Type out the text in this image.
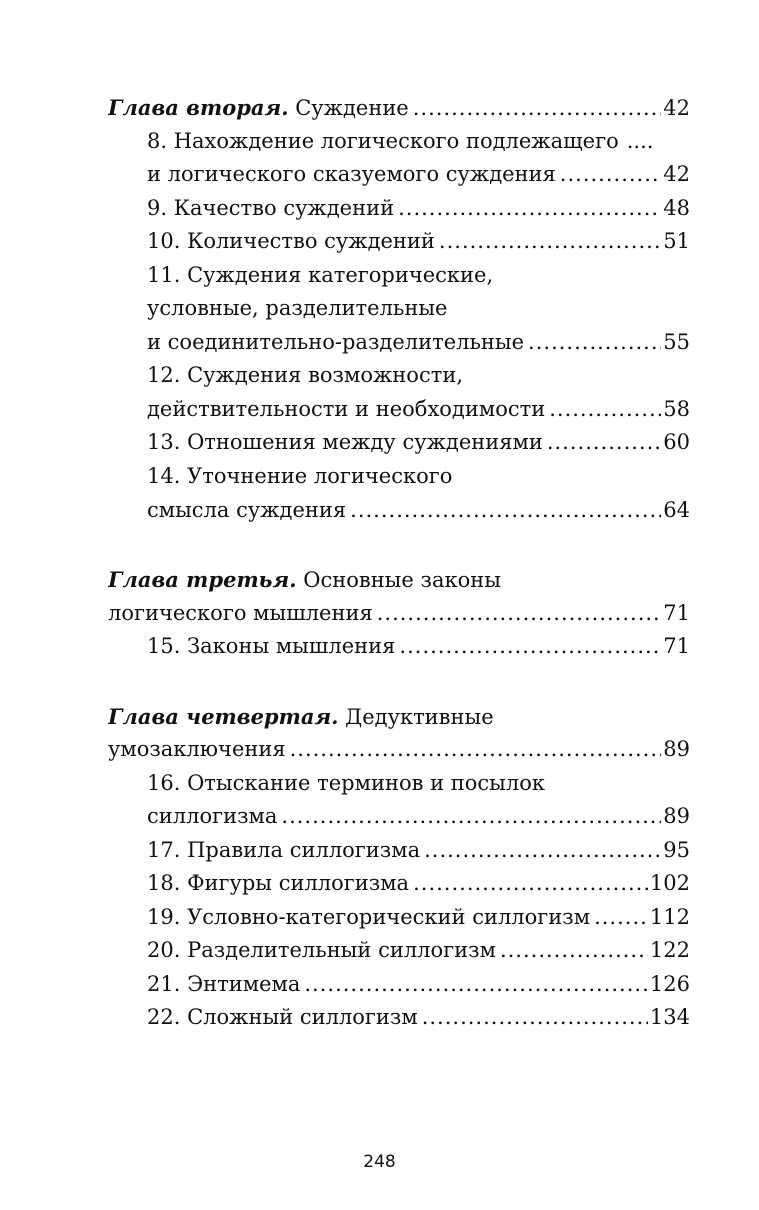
Глава вторая. Суждение .....	42
8. Нахождение логического подлежащего ....
и логического сказуемого суждения .....	42
9. Качество суждений .....	48
10. Количество суждений .....	51
11. Суждения категорические,
условные, разделительные
и соединительно-разделительные .....	55
12. Суждения возможности,
действительности и необходимости .....	58
13. Отношения между суждениями .....	60
14. Уточнение логического
смысла суждения .....	64
Глава третья. Основные законы
логического мышления .....	71
15. Законы мышления .....	71
Глава четвертая. Дедуктивные
умозаключения .....	89
16. Отыскание терминов и посылок
силлогизма .....	89
17. Правила силлогизма .....	95
18. Фигуры силлогизма .....	102
19. Условно-категорический силлогизм .....	112
20. Разделительный силлогизм .....	122
21. Энтимема .....	126
22. Сложный силлогизм .....	134
248
